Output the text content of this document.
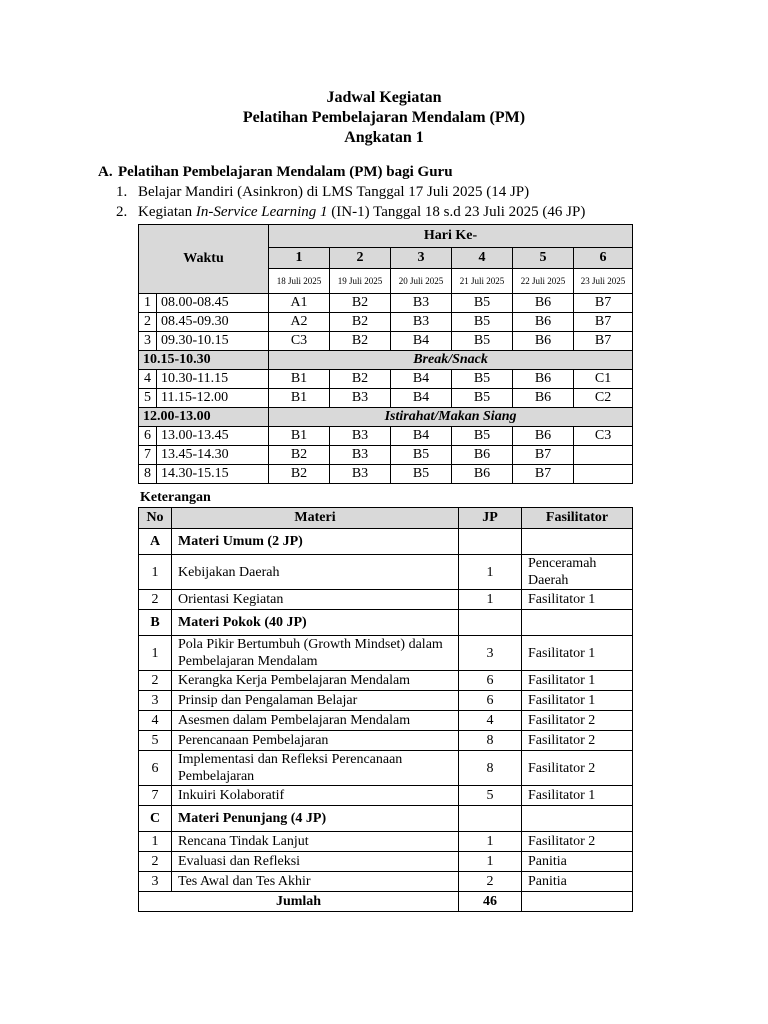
Jadwal Kegiatan
Pelatihan Pembelajaran Mendalam (PM)
Angkatan 1
A. Pelatihan Pembelajaran Mendalam (PM) bagi Guru
1. Belajar Mandiri (Asinkron) di LMS Tanggal 17 Juli 2025 (14 JP)
2. Kegiatan In-Service Learning 1 (IN-1) Tanggal 18 s.d 23 Juli 2025 (46 JP)
Waktu		Hari Ke-					
		1	2	3	4	5	6
		18 Juli 2025	19 Juli 2025	20 Juli 2025	21 Juli 2025	22 Juli 2025	23 Juli 2025
1	08.00-08.45	A1	B2	B3	B5	B6	B7
2	08.45-09.30	A2	B2	B3	B5	B6	B7
3	09.30-10.15	C3	B2	B4	B5	B6	B7
10.15-10.30		Break/Snack					
4	10.30-11.15	B1	B2	B4	B5	B6	C1
5	11.15-12.00	B1	B3	B4	B5	B6	C2
12.00-13.00		Istirahat/Makan Siang					
6	13.00-13.45	B1	B3	B4	B5	B6	C3
7	13.45-14.30	B2	B3	B5	B6	B7	
8	14.30-15.15	B2	B3	B5	B6	B7	
Keterangan
No	Materi	JP	Fasilitator
A	Materi Umum (2 JP)		
1	Kebijakan Daerah	1	Penceramah Daerah
2	Orientasi Kegiatan	1	Fasilitator 1
B	Materi Pokok (40 JP)		
1	Pola Pikir Bertumbuh (Growth Mindset) dalam Pembelajaran Mendalam	3	Fasilitator 1
2	Kerangka Kerja Pembelajaran Mendalam	6	Fasilitator 1
3	Prinsip dan Pengalaman Belajar	6	Fasilitator 1
4	Asesmen dalam Pembelajaran Mendalam	4	Fasilitator 2
5	Perencanaan Pembelajaran	8	Fasilitator 2
6	Implementasi dan Refleksi Perencanaan Pembelajaran	8	Fasilitator 2
7	Inkuiri Kolaboratif	5	Fasilitator 1
C	Materi Penunjang (4 JP)		
1	Rencana Tindak Lanjut	1	Fasilitator 2
2	Evaluasi dan Refleksi	1	Panitia
3	Tes Awal dan Tes Akhir	2	Panitia
Jumlah		46	
